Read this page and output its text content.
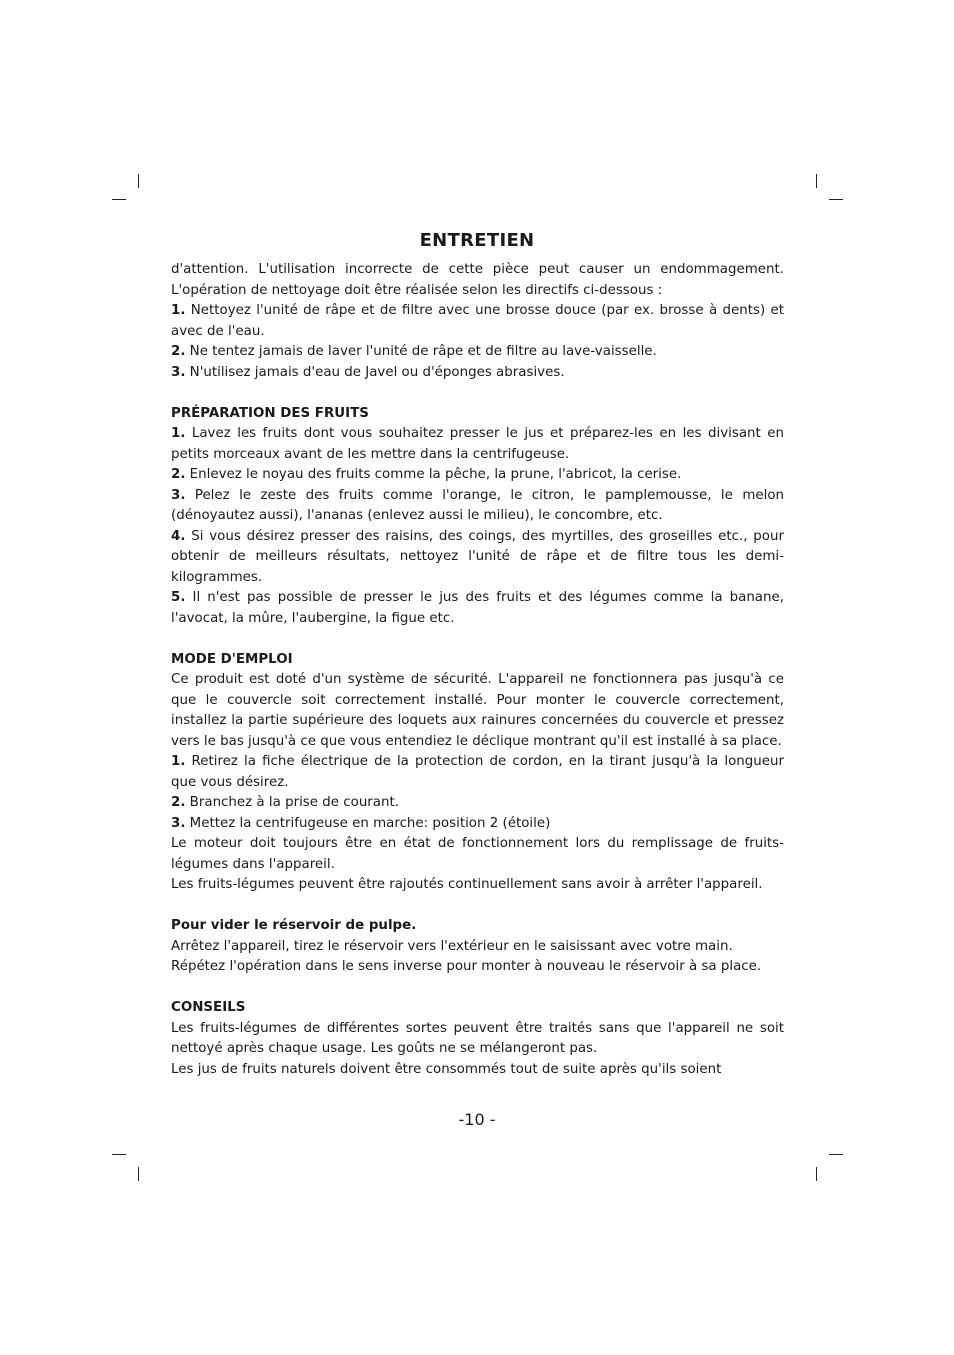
ENTRETIEN

d'attention. L'utilisation incorrecte de cette pièce peut causer un endommagement.

L'opération de nettoyage doit être réalisée selon les directifs ci-dessous :

1. Nettoyez l'unité de râpe et de filtre avec une brosse douce (par ex. brosse à dents) et avec de l'eau.

2. Ne tentez jamais de laver l'unité de râpe et de filtre au lave-vaisselle.

3. N'utilisez jamais d'eau de Javel ou d'éponges abrasives.

PRÉPARATION DES FRUITS

1. Lavez les fruits dont vous souhaitez presser le jus et préparez-les en les divisant en petits morceaux avant de les mettre dans la centrifugeuse.

2. Enlevez le noyau des fruits comme la pêche, la prune, l'abricot, la cerise.

3. Pelez le zeste des fruits comme l'orange, le citron, le pamplemousse, le melon (dénoyautez aussi), l'ananas (enlevez aussi le milieu), le concombre, etc.

4. Si vous désirez presser des raisins, des coings, des myrtilles, des groseilles etc., pour obtenir de meilleurs résultats, nettoyez l'unité de râpe et de filtre tous les demi-kilogrammes.

5. Il n'est pas possible de presser le jus des fruits et des légumes comme la banane, l'avocat, la mûre, l'aubergine, la figue etc.

MODE D'EMPLOI

Ce produit est doté d'un système de sécurité. L'appareil ne fonctionnera pas jusqu'à ce que le couvercle soit correctement installé. Pour monter le couvercle correctement, installez la partie supérieure des loquets aux rainures concernées du couvercle et pressez vers le bas jusqu'à ce que vous entendiez le déclique montrant qu'il est installé à sa place.

1. Retirez la fiche électrique de la protection de cordon, en la tirant jusqu'à la longueur que vous désirez.

2. Branchez à la prise de courant.

3. Mettez la centrifugeuse en marche: position 2 (étoile)

Le moteur doit toujours être en état de fonctionnement lors du remplissage de fruits-légumes dans l'appareil.

Les fruits-légumes peuvent être rajoutés continuellement sans avoir à arrêter l'appareil.

Pour vider le réservoir de pulpe.

Arrêtez l'appareil, tirez le réservoir vers l'extérieur en le saisissant avec votre main.

Répétez l'opération dans le sens inverse pour monter à nouveau le réservoir à sa place.

CONSEILS

Les fruits-légumes de différentes sortes peuvent être traités sans que l'appareil ne soit nettoyé après chaque usage. Les goûts ne se mélangeront pas.

Les jus de fruits naturels doivent être consommés tout de suite après qu'ils soient

-10 -
